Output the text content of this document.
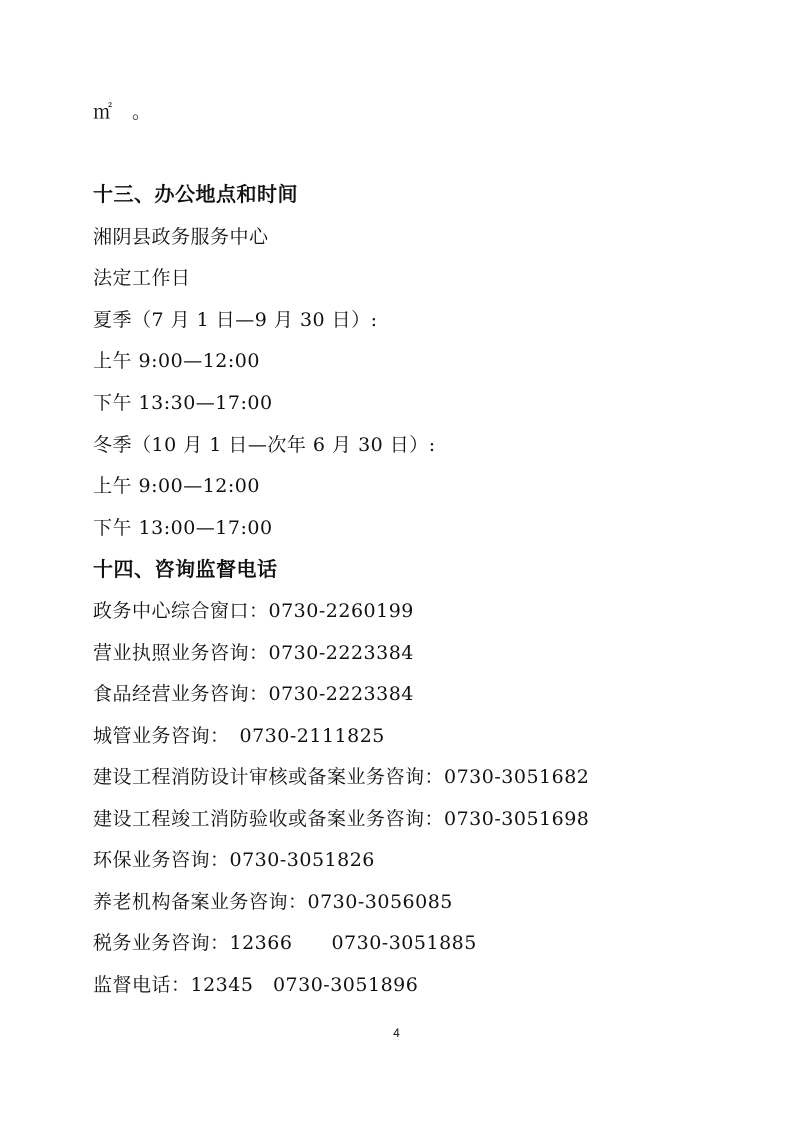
㎡　。
十三、办公地点和时间
湘阴县政务服务中心
法定工作日
夏季（7 月 1 日—9 月 30 日）:
上午 9:00—12:00
下午 13:30—17:00
冬季（10 月 1 日—次年 6 月 30 日）:
上午 9:00—12:00
下午 13:00—17:00
十四、咨询监督电话
政务中心综合窗口：0730-2260199
营业执照业务咨询：0730-2223384
食品经营业务咨询：0730-2223384
城管业务咨询：　0730-2111825
建设工程消防设计审核或备案业务咨询：0730-3051682
建设工程竣工消防验收或备案业务咨询：0730-3051698
环保业务咨询：0730-3051826
养老机构备案业务咨询：0730-3056085
税务业务咨询：12366　　0730-3051885
监督电话：12345　0730-3051896
4
